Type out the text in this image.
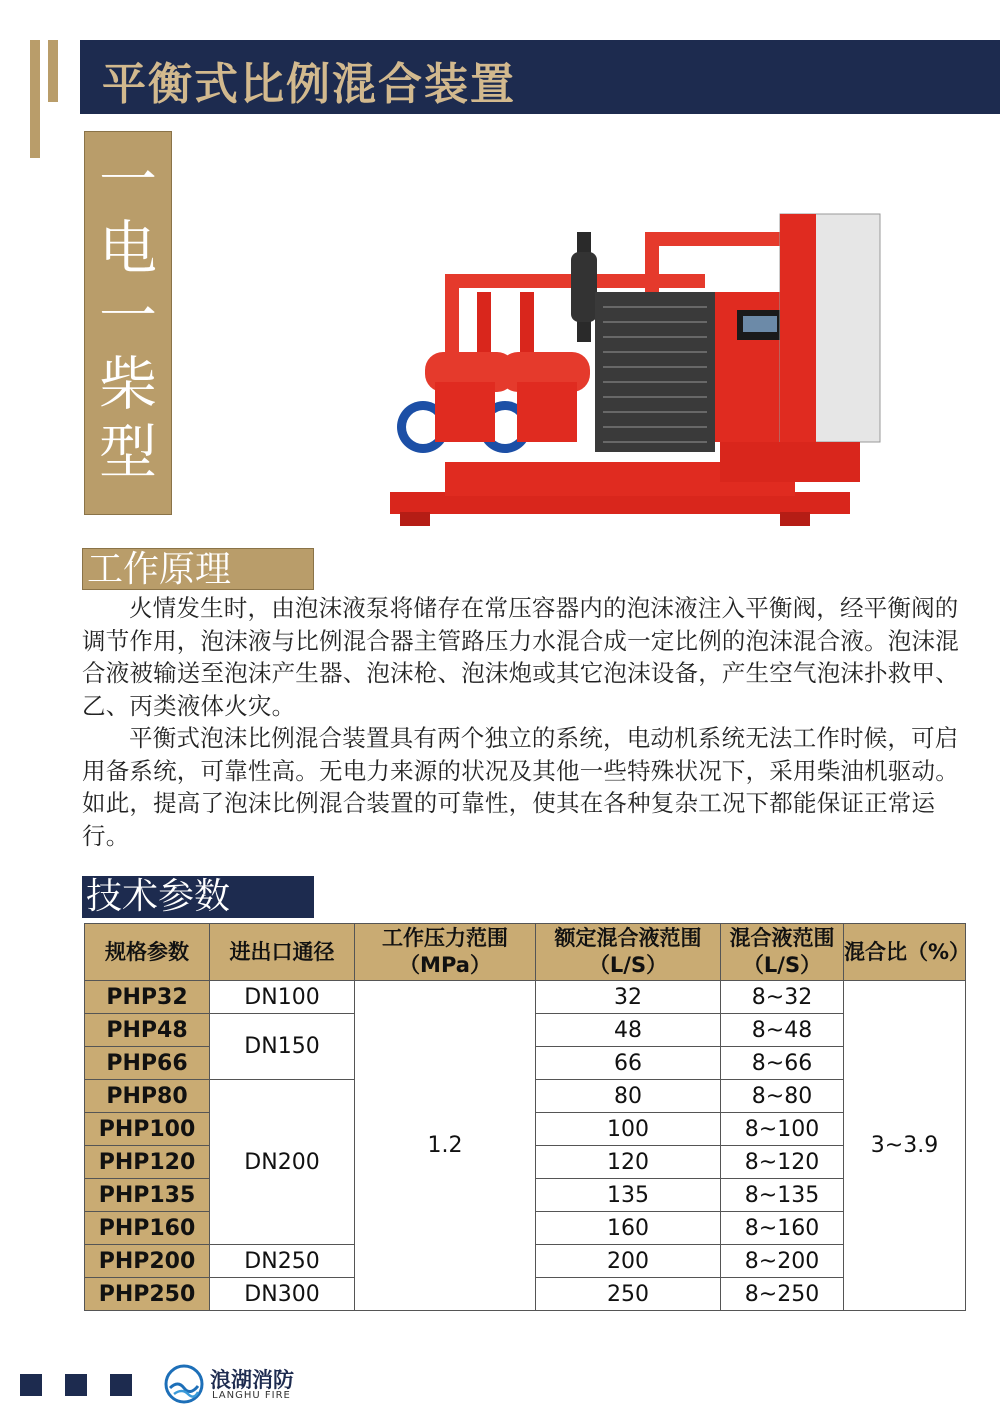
平衡式比例混合装置
一
电
一
柴
型
工作原理

火情发生时，由泡沫液泵将储存在常压容器内的泡沫液注入平衡阀，经平衡阀的调节作用，泡沫液与比例混合器主管路压力水混合成一定比例的泡沫混合液。泡沫混合液被输送至泡沫产生器、泡沫枪、泡沫炮或其它泡沫设备，产生空气泡沫扑救甲、乙、丙类液体火灾。

平衡式泡沫比例混合装置具有两个独立的系统，电动机系统无法工作时候，可启用备系统，可靠性高。无电力来源的状况及其他一些特殊状况下，采用柴油机驱动。如此，提高了泡沫比例混合装置的可靠性，使其在各种复杂工况下都能保证正常运行。

技术参数
规格参数	进出口通径	工作压力范围（MPa）	额定混合液范围（L/S）	混合液范围（L/S）	混合比（%）
PHP32	DN100	1.2	32	8~32	3~3.9
PHP48	DN150		48	8~48	
PHP66			66	8~66	
PHP80	DN200		80	8~80	
PHP100			100	8~100	
PHP120			120	8~120	
PHP135			135	8~135	
PHP160			160	8~160	
PHP200	DN250		200	8~200	
PHP250	DN300		250	8~250	
浪湖消防
LANGHU FIRE
